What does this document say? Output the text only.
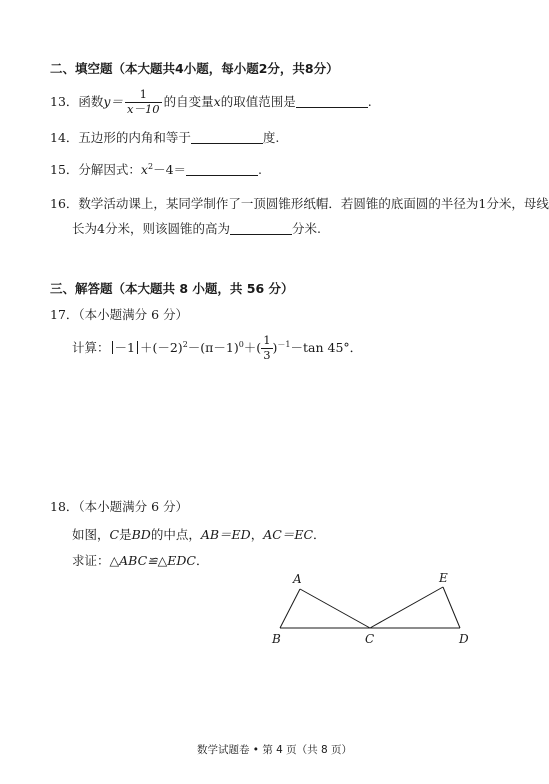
二、填空题（本大题共4小题，每小题2分，共8分）
13．函数$y= \frac{1}{x-10}$ 的自变量x的取值范围是	.
14．五边形的内角和等于	度.
15．分解因式：$x^2-4=$	.
16．数学活动课上，某同学制作了一顶圆锥形纸帽．若圆锥的底面圆的半径为1分米，母线
长为4分米，则该圆锥的高为	分米.
三、解答题（本大题共 8 小题，共 56 分）
17．（本小题满分 6 分）
计算： $-1 +(-2)^2-(\pi-1)^0+( \frac{1}{3} )^{-1}-\tan$ 45°．
18．（本小题满分 6 分）
如图，C是BD的中点，AB＝ED，AC＝EC．
求证：△ABC≌△EDC．
A
B	C	D
E
数学试题卷 • 第 4 页（共 8 页）
